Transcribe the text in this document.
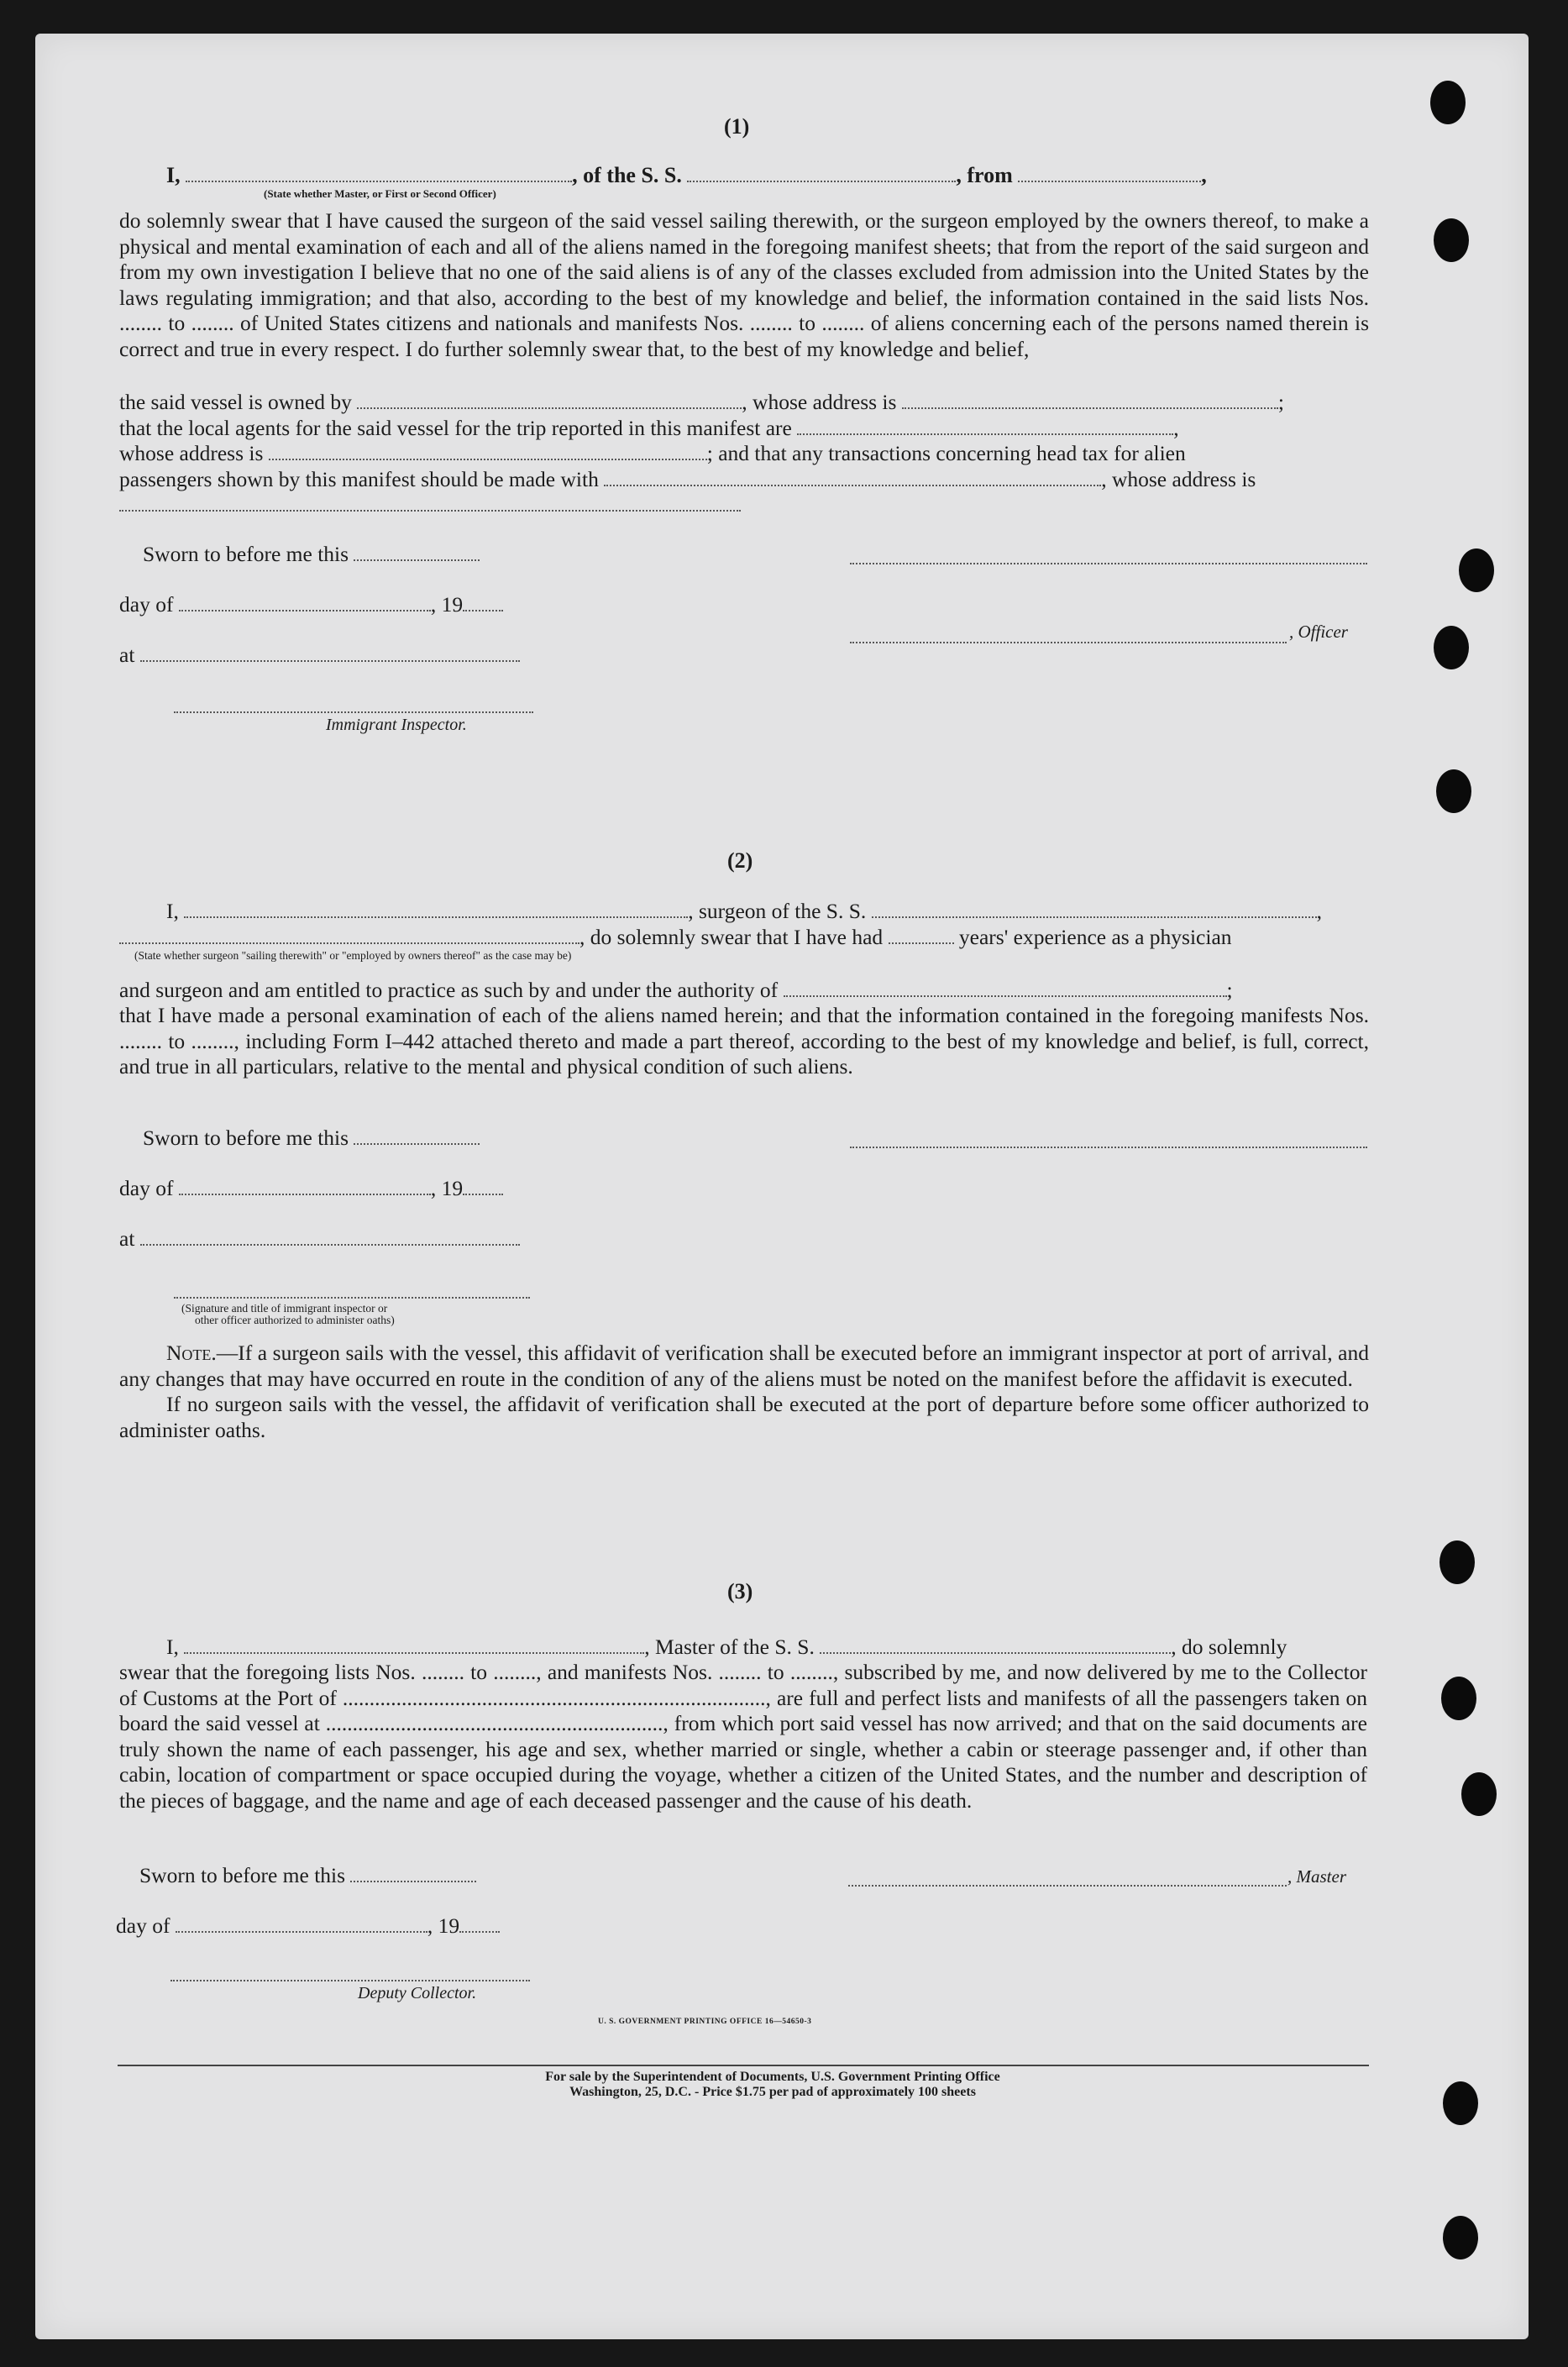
(1)
I,	, of the S. S.	, from	,
(State whether Master, or First or Second Officer)

do solemnly swear that I have caused the surgeon of the said vessel sailing therewith, or the surgeon employed by the owners thereof, to make a physical and mental examination of each and all of the aliens named in the foregoing manifest sheets; that from the report of the said surgeon and from my own investigation I believe that no one of the said aliens is of any of the classes excluded from admission into the United States by the laws regulating immigration; and that also, according to the best of my knowledge and belief, the information contained in the said lists Nos. ........ to ........ of United States citizens and nationals and manifests Nos. ........ to ........ of aliens concerning each of the persons named therein is correct and true in every respect. I do further solemnly swear that, to the best of my knowledge and belief,

the said vessel is owned by	, whose address is	;
that the local agents for the said vessel for the trip reported in this manifest are	,
whose address is	; and that any transactions concerning head tax for alien
passengers shown by this manifest should be made with	, whose address is
Sworn to before me this
day of	, 19
, Officer
at
Immigrant Inspector.
(2)
I,	, surgeon of the S. S.	,
, do solemnly swear that I have had	years' experience as a physician
(State whether surgeon "sailing therewith" or "employed by owners thereof" as the case may be)
and surgeon and am entitled to practice as such by and under the authority of	;

that I have made a personal examination of each of the aliens named herein; and that the information contained in the foregoing manifests Nos. ........ to ........, including Form I–442 attached thereto and made a part thereof, according to the best of my knowledge and belief, is full, correct, and true in all particulars, relative to the mental and physical condition of such aliens.

Sworn to before me this
day of	, 19
at
(Signature and title of immigrant inspector or
other officer authorized to administer oaths)

Note.—If a surgeon sails with the vessel, this affidavit of verification shall be executed before an immigrant inspector at port of arrival, and any changes that may have occurred en route in the condition of any of the aliens must be noted on the manifest before the affidavit is executed.

If no surgeon sails with the vessel, the affidavit of verification shall be executed at the port of departure before some officer authorized to administer oaths.

(3)
I,	, Master of the S. S.	, do solemnly

swear that the foregoing lists Nos. ........ to ........, and manifests Nos. ........ to ........, subscribed by me, and now delivered by me to the Collector of Customs at the Port of ..............................................................................., are full and perfect lists and manifests of all the passengers taken on board the said vessel at ..............................................................., from which port said vessel has now arrived; and that on the said documents are truly shown the name of each passenger, his age and sex, whether married or single, whether a cabin or steerage passenger and, if other than cabin, location of compartment or space occupied during the voyage, whether a citizen of the United States, and the number and description of the pieces of baggage, and the name and age of each deceased passenger and the cause of his death.

Sworn to before me this	, Master
day of	, 19
Deputy Collector.
U. S. GOVERNMENT PRINTING OFFICE 16—54650-3
For sale by the Superintendent of Documents, U.S. Government Printing Office
Washington, 25, D.C. - Price $1.75 per pad of approximately 100 sheets
